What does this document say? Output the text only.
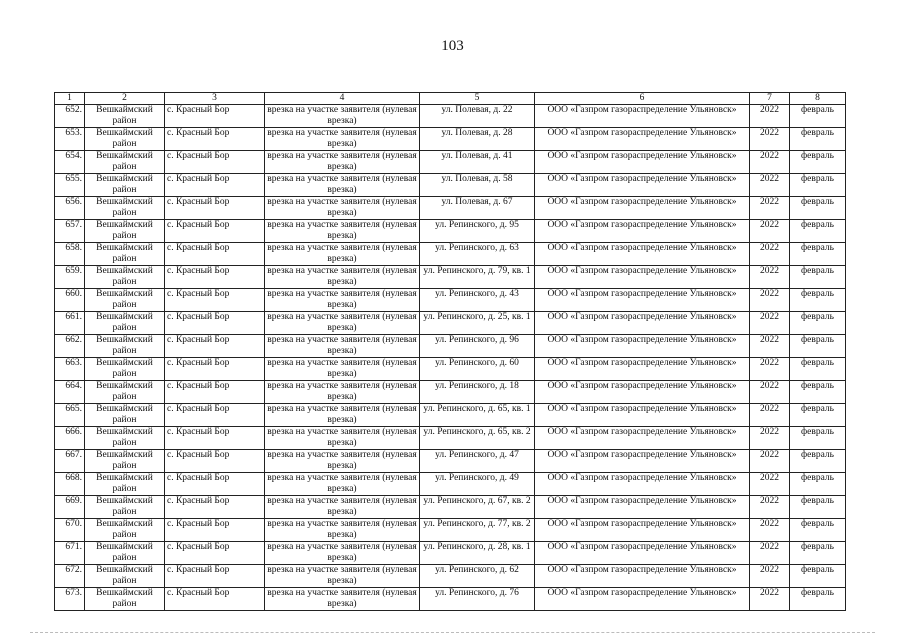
103
1	2	3	4	5	6	7	8
652.	Вешкаймский район	с. Красный Бор	врезка на участке заявителя (нулевая врезка)	ул. Полевая, д. 22	ООО «Газпром газораспределение Ульяновск»	2022	февраль
653.	Вешкаймский район	с. Красный Бор	врезка на участке заявителя (нулевая врезка)	ул. Полевая, д. 28	ООО «Газпром газораспределение Ульяновск»	2022	февраль
654.	Вешкаймский район	с. Красный Бор	врезка на участке заявителя (нулевая врезка)	ул. Полевая, д. 41	ООО «Газпром газораспределение Ульяновск»	2022	февраль
655.	Вешкаймский район	с. Красный Бор	врезка на участке заявителя (нулевая врезка)	ул. Полевая, д. 58	ООО «Газпром газораспределение Ульяновск»	2022	февраль
656.	Вешкаймский район	с. Красный Бор	врезка на участке заявителя (нулевая врезка)	ул. Полевая, д. 67	ООО «Газпром газораспределение Ульяновск»	2022	февраль
657.	Вешкаймский район	с. Красный Бор	врезка на участке заявителя (нулевая врезка)	ул. Репинского, д. 95	ООО «Газпром газораспределение Ульяновск»	2022	февраль
658.	Вешкаймский район	с. Красный Бор	врезка на участке заявителя (нулевая врезка)	ул. Репинского, д. 63	ООО «Газпром газораспределение Ульяновск»	2022	февраль
659.	Вешкаймский район	с. Красный Бор	врезка на участке заявителя (нулевая врезка)	ул. Репинского, д. 79, кв. 1	ООО «Газпром газораспределение Ульяновск»	2022	февраль
660.	Вешкаймский район	с. Красный Бор	врезка на участке заявителя (нулевая врезка)	ул. Репинского, д. 43	ООО «Газпром газораспределение Ульяновск»	2022	февраль
661.	Вешкаймский район	с. Красный Бор	врезка на участке заявителя (нулевая врезка)	ул. Репинского, д. 25, кв. 1	ООО «Газпром газораспределение Ульяновск»	2022	февраль
662.	Вешкаймский район	с. Красный Бор	врезка на участке заявителя (нулевая врезка)	ул. Репинского, д. 96	ООО «Газпром газораспределение Ульяновск»	2022	февраль
663.	Вешкаймский район	с. Красный Бор	врезка на участке заявителя (нулевая врезка)	ул. Репинского, д. 60	ООО «Газпром газораспределение Ульяновск»	2022	февраль
664.	Вешкаймский район	с. Красный Бор	врезка на участке заявителя (нулевая врезка)	ул. Репинского, д. 18	ООО «Газпром газораспределение Ульяновск»	2022	февраль
665.	Вешкаймский район	с. Красный Бор	врезка на участке заявителя (нулевая врезка)	ул. Репинского, д. 65, кв. 1	ООО «Газпром газораспределение Ульяновск»	2022	февраль
666.	Вешкаймский район	с. Красный Бор	врезка на участке заявителя (нулевая врезка)	ул. Репинского, д. 65, кв. 2	ООО «Газпром газораспределение Ульяновск»	2022	февраль
667.	Вешкаймский район	с. Красный Бор	врезка на участке заявителя (нулевая врезка)	ул. Репинского, д. 47	ООО «Газпром газораспределение Ульяновск»	2022	февраль
668.	Вешкаймский район	с. Красный Бор	врезка на участке заявителя (нулевая врезка)	ул. Репинского, д. 49	ООО «Газпром газораспределение Ульяновск»	2022	февраль
669.	Вешкаймский район	с. Красный Бор	врезка на участке заявителя (нулевая врезка)	ул. Репинского, д. 67, кв. 2	ООО «Газпром газораспределение Ульяновск»	2022	февраль
670.	Вешкаймский район	с. Красный Бор	врезка на участке заявителя (нулевая врезка)	ул. Репинского, д. 77, кв. 2	ООО «Газпром газораспределение Ульяновск»	2022	февраль
671.	Вешкаймский район	с. Красный Бор	врезка на участке заявителя (нулевая врезка)	ул. Репинского, д. 28, кв. 1	ООО «Газпром газораспределение Ульяновск»	2022	февраль
672.	Вешкаймский район	с. Красный Бор	врезка на участке заявителя (нулевая врезка)	ул. Репинского, д. 62	ООО «Газпром газораспределение Ульяновск»	2022	февраль
673.	Вешкаймский район	с. Красный Бор	врезка на участке заявителя (нулевая врезка)	ул. Репинского, д. 76	ООО «Газпром газораспределение Ульяновск»	2022	февраль
